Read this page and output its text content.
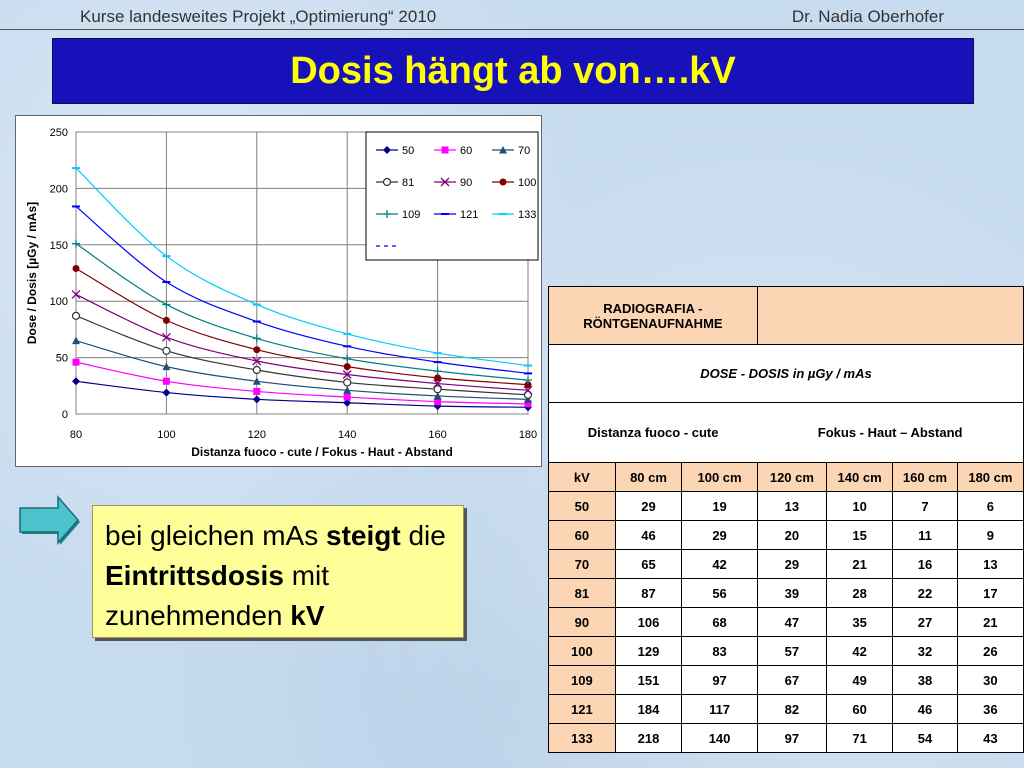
Kurse landesweites Projekt „Optimierung“ 2010	Dr. Nadia Oberhofer
Dosis hängt ab von….kV
0
50
100
150
200
250
80	100	120	140	160	180
Distanza fuoco - cute / Fokus - Haut - Abstand
Dose / Dosis [µGy / mAs]
50	60	70
81	90	100
109	121	133
RADIOGRAFIA -
RÖNTGENAUFNAHME						

DOSE - DOSIS in µGy / mAs						
Distanza fuoco - cute			Fokus - Haut – Abstand			
kV	80 cm	100 cm	120 cm	140 cm	160 cm	180 cm
50	29	19	13	10	7	6
60	46	29	20	15	11	9
70	65	42	29	21	16	13
81	87	56	39	28	22	17
90	106	68	47	35	27	21
100	129	83	57	42	32	26
109	151	97	67	49	38	30
121	184	117	82	60	46	36
133	218	140	97	71	54	43
bei gleichen mAs steigt die Eintrittsdosis mit zunehmenden kV
